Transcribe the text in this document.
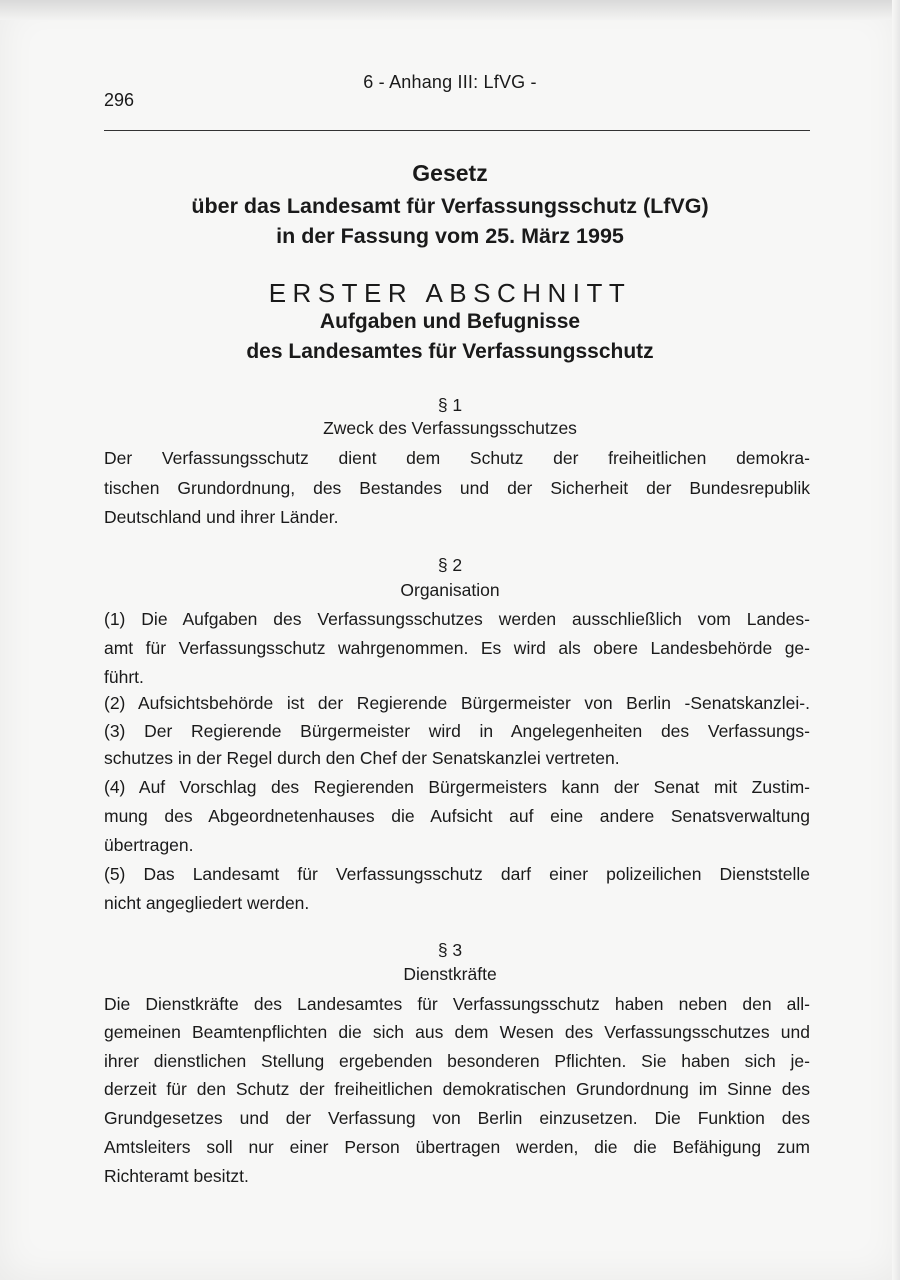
6 - Anhang III: LfVG -
296
Gesetz
über das Landesamt für Verfassungsschutz (LfVG)
in der Fassung vom 25. März 1995
ERSTER ABSCHNITT
Aufgaben und Befugnisse
des Landesamtes für Verfassungsschutz
§ 1
Zweck des Verfassungsschutzes
Der Verfassungsschutz dient dem Schutz der freiheitlichen demokra-
tischen Grundordnung, des Bestandes und der Sicherheit der Bundesrepublik
Deutschland und ihrer Länder.
§ 2
Organisation
(1) Die Aufgaben des Verfassungsschutzes werden ausschließlich vom Landes-
amt für Verfassungsschutz wahrgenommen. Es wird als obere Landesbehörde ge-
führt.
(2) Aufsichtsbehörde ist der Regierende Bürgermeister von Berlin -Senatskanzlei-.
(3) Der Regierende Bürgermeister wird in Angelegenheiten des Verfassungs-
schutzes in der Regel durch den Chef der Senatskanzlei vertreten.
(4) Auf Vorschlag des Regierenden Bürgermeisters kann der Senat mit Zustim-
mung des Abgeordnetenhauses die Aufsicht auf eine andere Senatsverwaltung
übertragen.
(5) Das Landesamt für Verfassungsschutz darf einer polizeilichen Dienststelle
nicht angegliedert werden.
§ 3
Dienstkräfte
Die Dienstkräfte des Landesamtes für Verfassungsschutz haben neben den all-
gemeinen Beamtenpflichten die sich aus dem Wesen des Verfassungsschutzes und
ihrer dienstlichen Stellung ergebenden besonderen Pflichten. Sie haben sich je-
derzeit für den Schutz der freiheitlichen demokratischen Grundordnung im Sinne des
Grundgesetzes und der Verfassung von Berlin einzusetzen. Die Funktion des
Amtsleiters soll nur einer Person übertragen werden, die die Befähigung zum
Richteramt besitzt.
